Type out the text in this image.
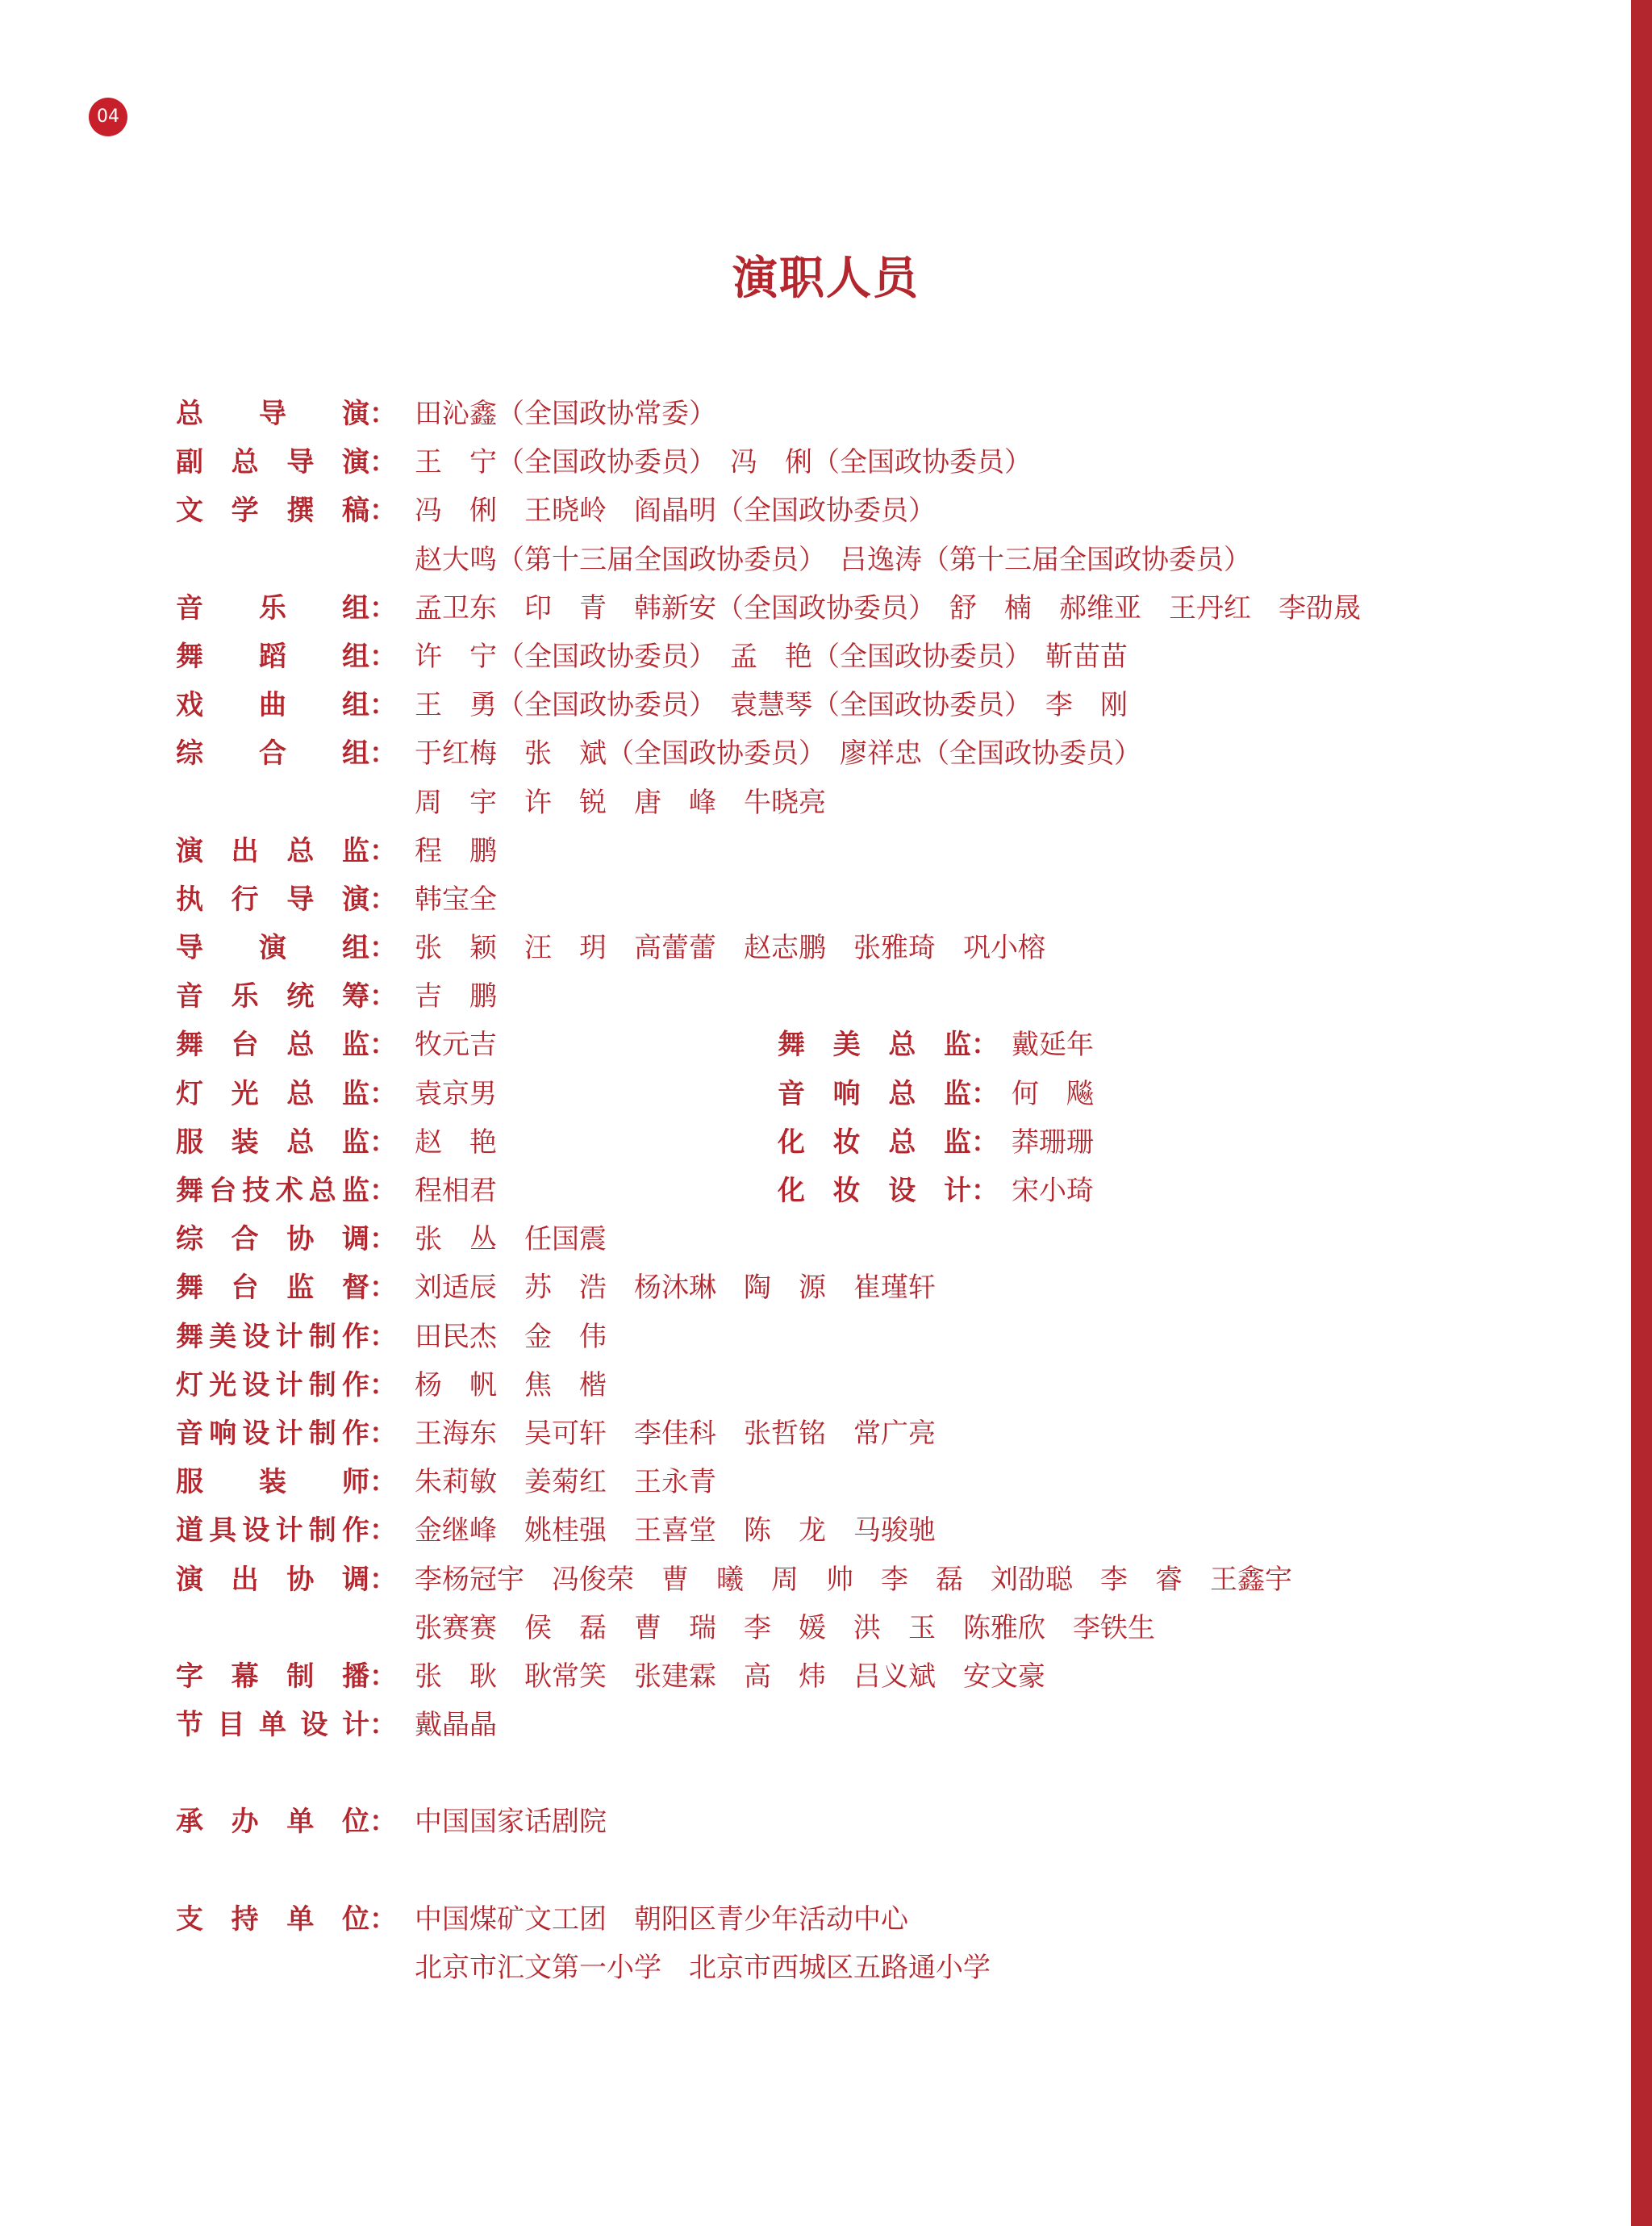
04
演职人员
总 导 演 ： 田沁鑫（全国政协常委）
副 总 导 演 ： 王　宁（全国政协委员）　冯　俐（全国政协委员）
文 学 撰 稿 ： 冯　俐　王晓岭　阎晶明（全国政协委员）
赵大鸣（第十三届全国政协委员）　吕逸涛（第十三届全国政协委员）
音 乐 组 ： 孟卫东　印　青　韩新安（全国政协委员）　舒　楠　郝维亚　王丹红　李劭晟
舞 蹈 组 ： 许　宁（全国政协委员）　孟　艳（全国政协委员）　靳苗苗
戏 曲 组 ： 王　勇（全国政协委员）　袁慧琴（全国政协委员）　李　刚
综 合 组 ： 于红梅　张　斌（全国政协委员）　廖祥忠（全国政协委员）
周　宇　许　锐　唐　峰　牛晓亮
演 出 总 监 ： 程　鹏
执 行 导 演 ： 韩宝全
导 演 组 ： 张　颖　汪　玥　高蕾蕾　赵志鹏　张雅琦　巩小榕
音 乐 统 筹 ： 吉　鹏
舞 台 总 监 ： 牧元吉	舞 美 总 监 ： 戴延年
灯 光 总 监 ： 袁京男	音 响 总 监 ： 何　飚
服 装 总 监 ： 赵　艳	化 妆 总 监 ： 莽珊珊
舞 台 技 术 总 监 ： 程相君	化 妆 设 计 ： 宋小琦
综 合 协 调 ： 张　丛　任国震
舞 台 监 督 ： 刘适辰　苏　浩　杨沐琳　陶　源　崔瑾轩
舞 美 设 计 制 作 ： 田民杰　金　伟
灯 光 设 计 制 作 ： 杨　帆　焦　楷
音 响 设 计 制 作 ： 王海东　吴可轩　李佳科　张哲铭　常广亮
服 装 师 ： 朱莉敏　姜菊红　王永青
道 具 设 计 制 作 ： 金继峰　姚桂强　王喜堂　陈　龙　马骏驰
演 出 协 调 ： 李杨冠宇　冯俊荣　曹　曦　周　帅　李　磊　刘劭聪　李　睿　王鑫宇
张赛赛　侯　磊　曹　瑞　李　媛　洪　玉　陈雅欣　李铁生
字 幕 制 播 ： 张　耿　耿常笑　张建霖　高　炜　吕义斌　安文豪
节 目 单 设 计 ： 戴晶晶
承 办 单 位 ： 中国国家话剧院
支 持 单 位 ： 中国煤矿文工团　朝阳区青少年活动中心
北京市汇文第一小学　北京市西城区五路通小学
